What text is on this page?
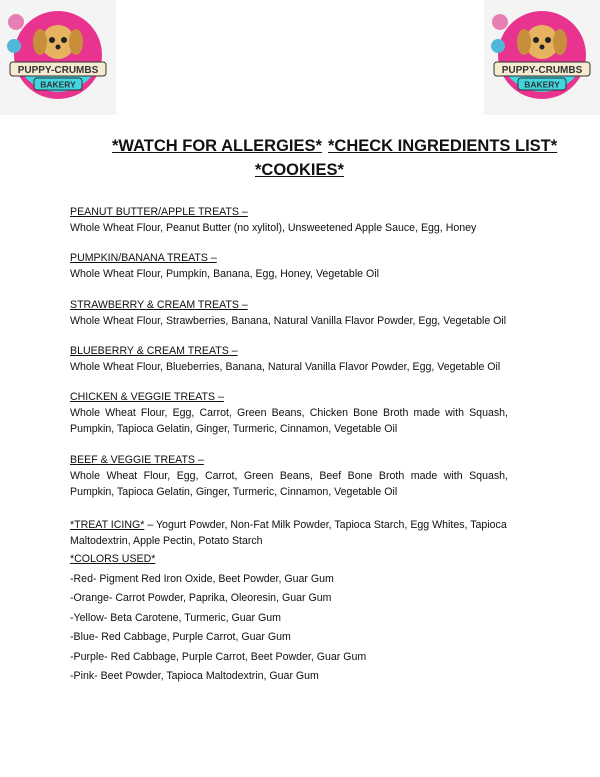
PUPPY-CRUMBS
BAKERY
PUPPY-CRUMBS
BAKERY
*WATCH FOR ALLERGIES* *CHECK INGREDIENTS LIST*
*COOKIES*
PEANUT BUTTER/APPLE TREATS –
Whole Wheat Flour, Peanut Butter (no xylitol), Unsweetened Apple Sauce, Egg, Honey
PUMPKIN/BANANA TREATS –
Whole Wheat Flour, Pumpkin, Banana, Egg, Honey, Vegetable Oil
STRAWBERRY & CREAM TREATS –
Whole Wheat Flour, Strawberries, Banana, Natural Vanilla Flavor Powder, Egg, Vegetable Oil
BLUEBERRY & CREAM TREATS –
Whole Wheat Flour, Blueberries, Banana, Natural Vanilla Flavor Powder, Egg, Vegetable Oil
CHICKEN & VEGGIE TREATS –
Whole Wheat Flour, Egg, Carrot, Green Beans, Chicken Bone Broth made with Squash, Pumpkin, Tapioca Gelatin, Ginger, Turmeric, Cinnamon, Vegetable Oil
BEEF & VEGGIE TREATS –
Whole Wheat Flour, Egg, Carrot, Green Beans, Beef Bone Broth made with Squash, Pumpkin, Tapioca Gelatin, Ginger, Turmeric, Cinnamon, Vegetable Oil
*TREAT ICING* – Yogurt Powder, Non-Fat Milk Powder, Tapioca Starch, Egg Whites, Tapioca Maltodextrin, Apple Pectin, Potato Starch
*COLORS USED*
-Red- Pigment Red Iron Oxide, Beet Powder, Guar Gum
-Orange- Carrot Powder, Paprika, Oleoresin, Guar Gum
-Yellow- Beta Carotene, Turmeric, Guar Gum
-Blue- Red Cabbage, Purple Carrot, Guar Gum
-Purple- Red Cabbage, Purple Carrot, Beet Powder, Guar Gum
-Pink- Beet Powder, Tapioca Maltodextrin, Guar Gum
